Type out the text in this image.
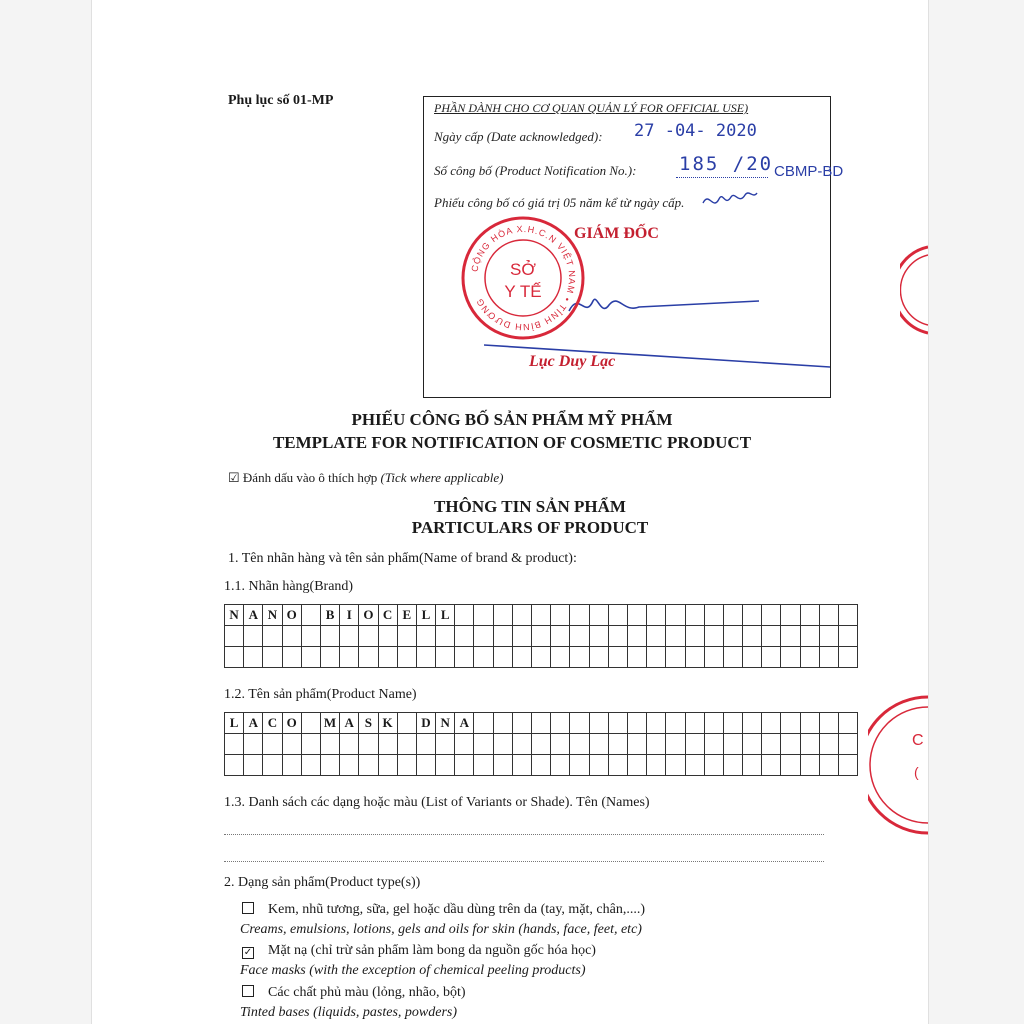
C
(
Phụ lục số 01-MP	PHẦN DÀNH CHO CƠ QUAN QUẢN LÝ FOR OFFICIAL USE)
Ngày cấp (Date acknowledged): 27 -04- 2020
Số công bố (Product Notification No.): 185 /20 CBMP-BD
Phiếu công bố có giá trị 05 năm kể từ ngày cấp.
GIÁM ĐỐC
Lục Duy Lạc
CỘNG HÒA X.H.C.N VIỆT NAM • TỈNH BÌNH DƯƠNG
SỞ
Y TẾ
PHIẾU CÔNG BỐ SẢN PHẨM MỸ PHẨM
TEMPLATE FOR NOTIFICATION OF COSMETIC PRODUCT
☑ Đánh dấu vào ô thích hợp (Tick where applicable)
THÔNG TIN SẢN PHẨM
PARTICULARS OF PRODUCT
1. Tên nhãn hàng và tên sản phẩm(Name of brand & product):
1.1. Nhãn hàng(Brand)
N	A	N	O		B	I	O	C	E	L	L																					

1.2. Tên sản phẩm(Product Name)
L	A	C	O		M	A	S	K		D	N	A																				

1.3. Danh sách các dạng hoặc màu (List of Variants or Shade). Tên (Names)
2. Dạng sản phẩm(Product type(s))
Kem, nhũ tương, sữa, gel hoặc dầu dùng trên da (tay, mặt, chân,....)
Creams, emulsions, lotions, gels and oils for skin (hands, face, feet, etc)
✓ Mặt nạ (chỉ trừ sản phẩm làm bong da nguồn gốc hóa học)
Face masks (with the exception of chemical peeling products)
Các chất phủ màu (lỏng, nhão, bột)
Tinted bases (liquids, pastes, powders)
